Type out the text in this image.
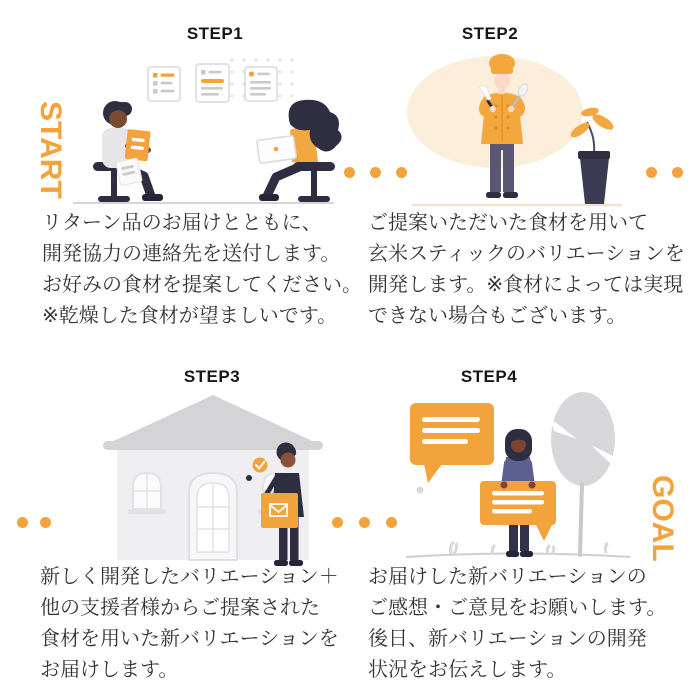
START
GOAL
STEP1
リターン品のお届けとともに、
開発協力の連絡先を送付します。
お好みの食材を提案してください。
※乾燥した食材が望ましいです。
STEP2
ご提案いただいた食材を用いて
玄米スティックのバリエーションを
開発します。※食材によっては実現
できない場合もございます。
STEP3
新しく開発したバリエーション＋
他の支援者様からご提案された
食材を用いた新バリエーションを
お届けします。
STEP4
お届けした新バリエーションの
ご感想・ご意見をお願いします。
後日、新バリエーションの開発
状況をお伝えします。
